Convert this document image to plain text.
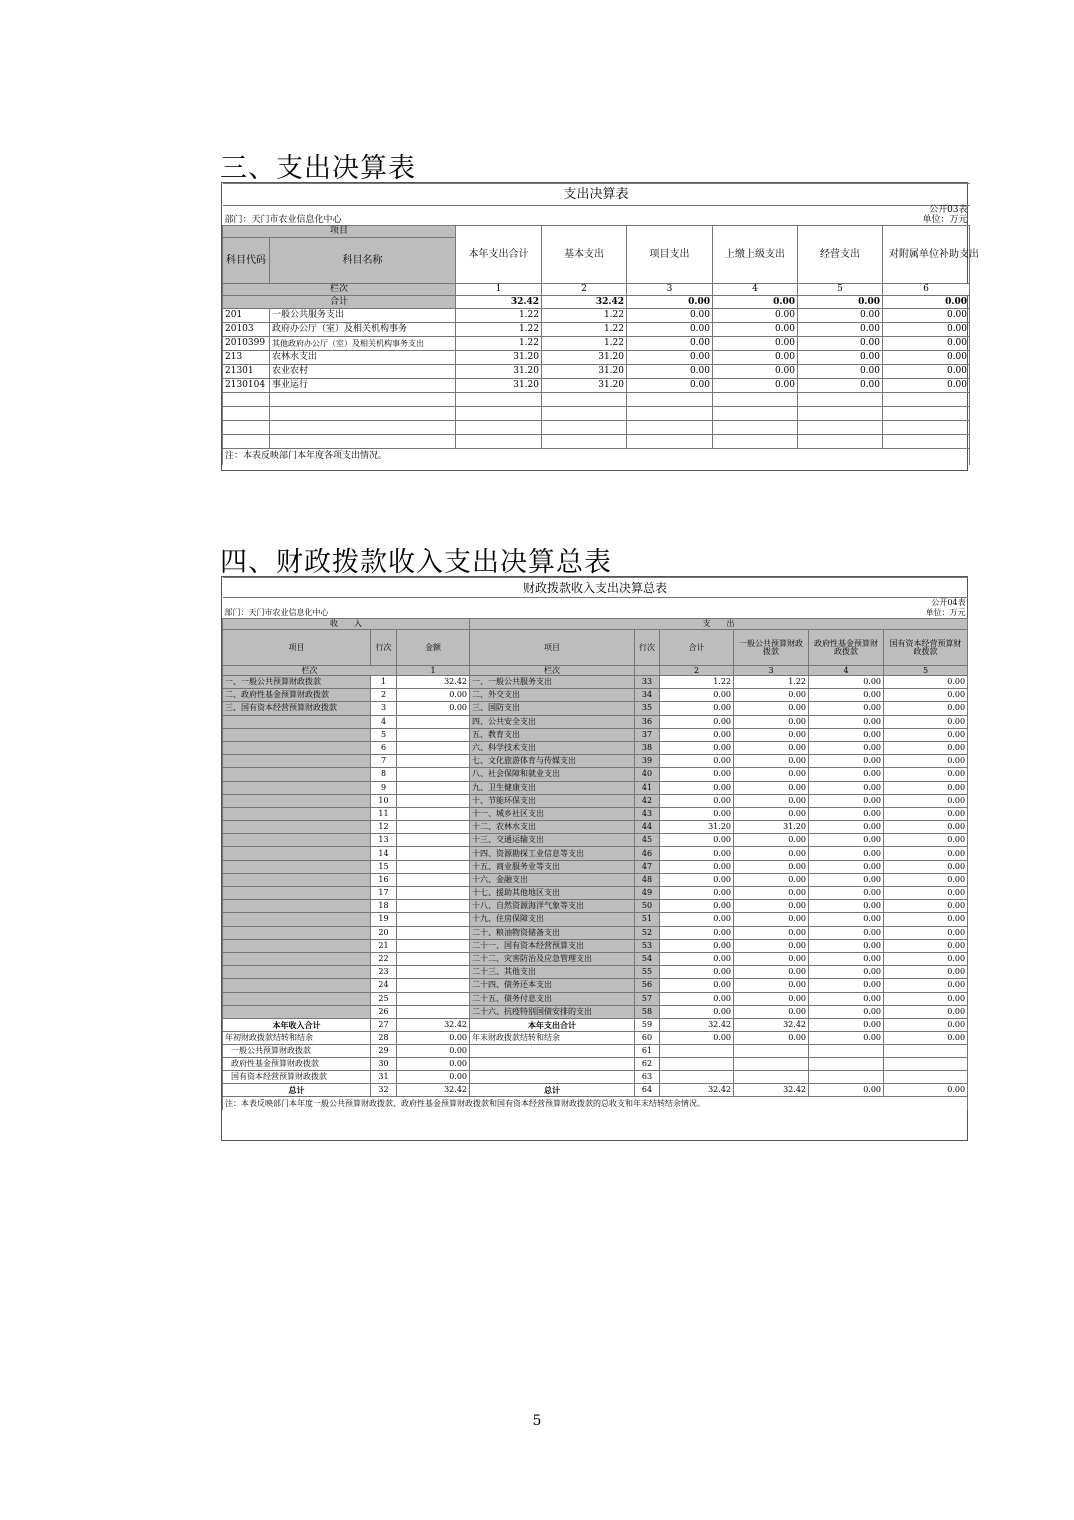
三、支出决算表
支出决算表							
							公开03表
部门：天门市农业信息化中心							单位：万元
项目		本年支出合计	基本支出	项目支出	上缴上级支出	经营支出	对附属单位补助支出
科目代码	科目名称						
栏次		1	2	3	4	5	6
合计		32.42	32.42	0.00	0.00	0.00	0.00
201	一般公共服务支出	1.22	1.22	0.00	0.00	0.00	0.00
20103	政府办公厅（室）及相关机构事务	1.22	1.22	0.00	0.00	0.00	0.00
2010399	其他政府办公厅（室）及相关机构事务支出	1.22	1.22	0.00	0.00	0.00	0.00
213	农林水支出	31.20	31.20	0.00	0.00	0.00	0.00
21301	农业农村	31.20	31.20	0.00	0.00	0.00	0.00
2130104	事业运行	31.20	31.20	0.00	0.00	0.00	0.00

注：本表反映部门本年度各项支出情况。							
四、财政拨款收入支出决算总表
财政拨款收入支出决算总表								
								公开04表
部门：天门市农业信息化中心								单位：万元
收　　入			支　　出					
项目	行次	金额	项目	行次	合计	一般公共预算财政拨款	政府性基金预算财政拨款	国有资本经营预算财政拨款
栏次		1	栏次		2	3	4	5
一、一般公共预算财政拨款	1	32.42	一、一般公共服务支出	33	1.22	1.22	0.00	0.00
二、政府性基金预算财政拨款	2	0.00	二、外交支出	34	0.00	0.00	0.00	0.00
三、国有资本经营预算财政拨款	3	0.00	三、国防支出	35	0.00	0.00	0.00	0.00
	4		四、公共安全支出	36	0.00	0.00	0.00	0.00
	5		五、教育支出	37	0.00	0.00	0.00	0.00
	6		六、科学技术支出	38	0.00	0.00	0.00	0.00
	7		七、文化旅游体育与传媒支出	39	0.00	0.00	0.00	0.00
	8		八、社会保障和就业支出	40	0.00	0.00	0.00	0.00
	9		九、卫生健康支出	41	0.00	0.00	0.00	0.00
	10		十、节能环保支出	42	0.00	0.00	0.00	0.00
	11		十一、城乡社区支出	43	0.00	0.00	0.00	0.00
	12		十二、农林水支出	44	31.20	31.20	0.00	0.00
	13		十三、交通运输支出	45	0.00	0.00	0.00	0.00
	14		十四、资源勘探工业信息等支出	46	0.00	0.00	0.00	0.00
	15		十五、商业服务业等支出	47	0.00	0.00	0.00	0.00
	16		十六、金融支出	48	0.00	0.00	0.00	0.00
	17		十七、援助其他地区支出	49	0.00	0.00	0.00	0.00
	18		十八、自然资源海洋气象等支出	50	0.00	0.00	0.00	0.00
	19		十九、住房保障支出	51	0.00	0.00	0.00	0.00
	20		二十、粮油物资储备支出	52	0.00	0.00	0.00	0.00
	21		二十一、国有资本经营预算支出	53	0.00	0.00	0.00	0.00
	22		二十二、灾害防治及应急管理支出	54	0.00	0.00	0.00	0.00
	23		二十三、其他支出	55	0.00	0.00	0.00	0.00
	24		二十四、债务还本支出	56	0.00	0.00	0.00	0.00
	25		二十五、债务付息支出	57	0.00	0.00	0.00	0.00
	26		二十六、抗疫特别国债安排的支出	58	0.00	0.00	0.00	0.00
本年收入合计	27	32.42	本年支出合计	59	32.42	32.42	0.00	0.00
年初财政拨款结转和结余	28	0.00	年末财政拨款结转和结余	60	0.00	0.00	0.00	0.00
一般公共预算财政拨款	29	0.00		61				
政府性基金预算财政拨款	30	0.00		62				
国有资本经营预算财政拨款	31	0.00		63				
总计	32	32.42	总计	64	32.42	32.42	0.00	0.00
注：本表反映部门本年度一般公共预算财政拨款、政府性基金预算财政拨款和国有资本经营预算财政拨款的总收支和年末结转结余情况。								
5
